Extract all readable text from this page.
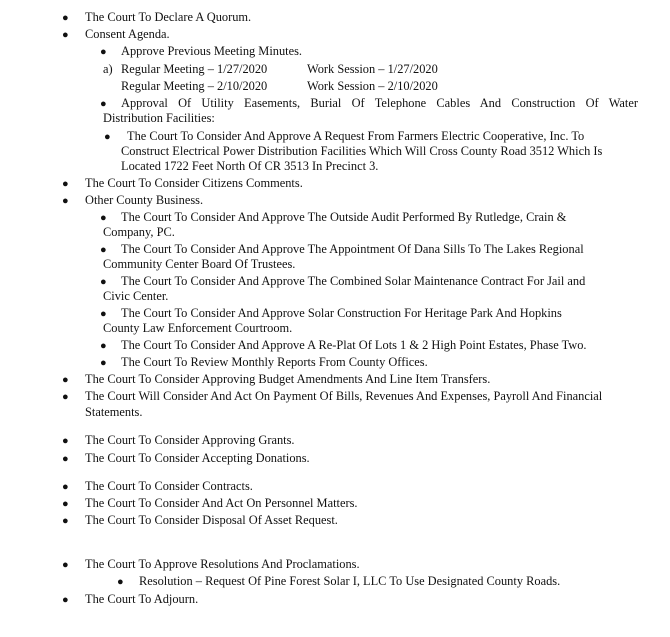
● The Court To Declare A Quorum.
● Consent Agenda.
● Approve Previous Meeting Minutes.
a) Regular Meeting – 1/27/2020	Work Session – 1/27/2020
Regular Meeting – 2/10/2020	Work Session – 2/10/2020
● Approval Of Utility Easements, Burial Of Telephone Cables And Construction Of Water
Distribution Facilities:
● The Court To Consider And Approve A Request From Farmers Electric Cooperative, Inc. To
Construct Electrical Power Distribution Facilities Which Will Cross County Road 3512 Which Is
Located 1722 Feet North Of CR 3513 In Precinct 3.
● The Court To Consider Citizens Comments.
● Other County Business.
● The Court To Consider And Approve The Outside Audit Performed By Rutledge, Crain &
Company, PC.
● The Court To Consider And Approve The Appointment Of Dana Sills To The Lakes Regional
Community Center Board Of Trustees.
● The Court To Consider And Approve The Combined Solar Maintenance Contract For Jail and
Civic Center.
● The Court To Consider And Approve Solar Construction For Heritage Park And Hopkins
County Law Enforcement Courtroom.
● The Court To Consider And Approve A Re-Plat Of Lots 1 & 2 High Point Estates, Phase Two.
● The Court To Review Monthly Reports From County Offices.
● The Court To Consider Approving Budget Amendments And Line Item Transfers.
● The Court Will Consider And Act On Payment Of Bills, Revenues And Expenses, Payroll And Financial
Statements.
● The Court To Consider Approving Grants.
● The Court To Consider Accepting Donations.
● The Court To Consider Contracts.
● The Court To Consider And Act On Personnel Matters.
● The Court To Consider Disposal Of Asset Request.
● The Court To Approve Resolutions And Proclamations.
● Resolution – Request Of Pine Forest Solar I, LLC To Use Designated County Roads.
● The Court To Adjourn.
